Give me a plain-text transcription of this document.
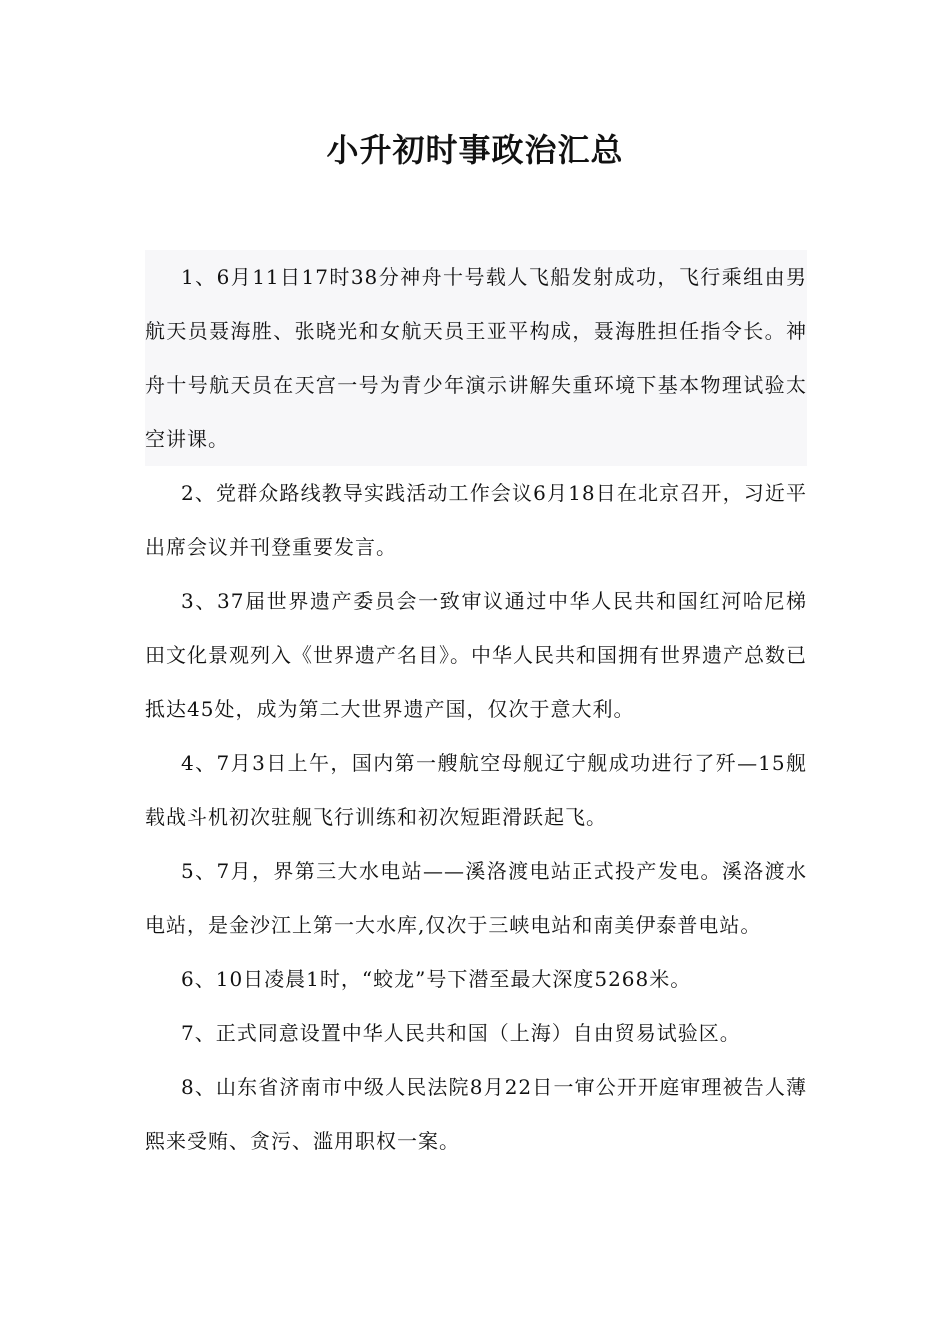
小升初时事政治汇总

1、6月11日17时38分神舟十号载人飞船发射成功，飞行乘组由男航天员聂海胜、张晓光和女航天员王亚平构成，聂海胜担任指令长。神舟十号航天员在天宫一号为青少年演示讲解失重环境下基本物理试验太空讲课。

2、党群众路线教导实践活动工作会议6月18日在北京召开，习近平出席会议并刊登重要发言。

3、37届世界遗产委员会一致审议通过中华人民共和国红河哈尼梯田文化景观列入《世界遗产名目》。中华人民共和国拥有世界遗产总数已抵达45处，成为第二大世界遗产国，仅次于意大利。

4、7月3日上午，国内第一艘航空母舰辽宁舰成功进行了歼—15舰载战斗机初次驻舰飞行训练和初次短距滑跃起飞。

5、7月，界第三大水电站——溪洛渡电站正式投产发电。溪洛渡水电站，是金沙江上第一大水库,仅次于三峡电站和南美伊泰普电站。

6、10日凌晨1时，“蛟龙”号下潜至最大深度5268米。

7、正式同意设置中华人民共和国（上海）自由贸易试验区。

8、山东省济南市中级人民法院8月22日一审公开开庭审理被告人薄熙来受贿、贪污、滥用职权一案。
